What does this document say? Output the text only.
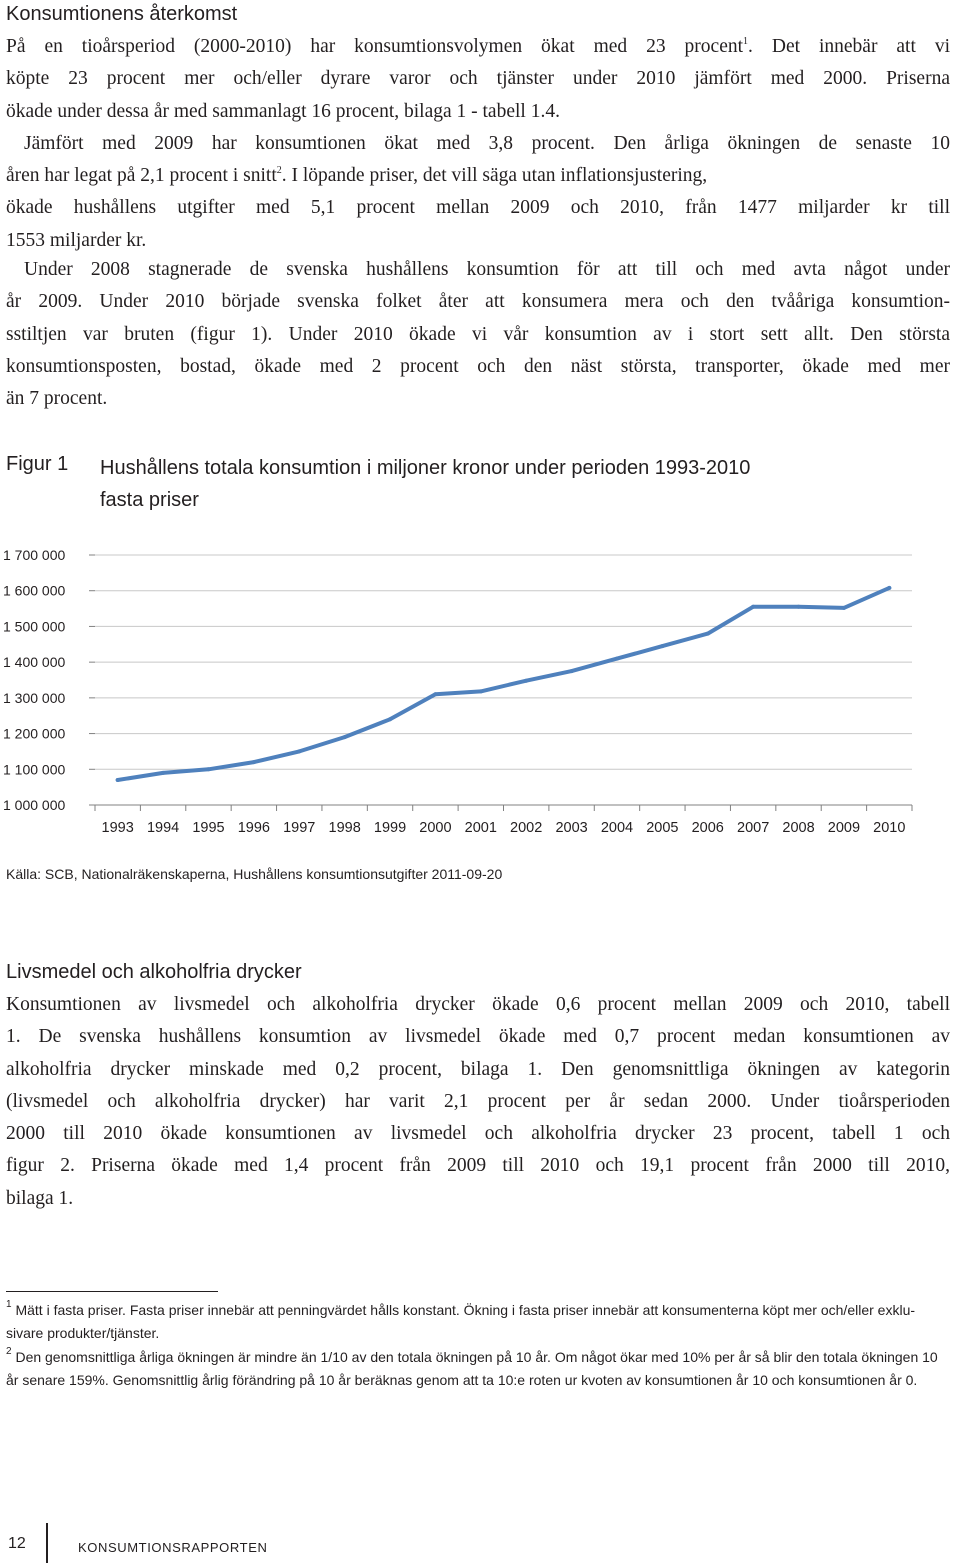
Konsumtionens återkomst
På en tioårsperiod (2000-2010) har konsumtionsvolymen ökat med 23 procent$^1$. Det innebär att vi
köpte 23 procent mer och/eller dyrare varor och tjänster under 2010 jämfört med 2000. Priserna
ökade under dessa år med sammanlagt 16 procent, bilaga 1 - tabell 1.4.
Jämfört med 2009 har konsumtionen ökat med 3,8 procent. Den årliga ökningen de senaste 10
åren har legat på 2,1 procent i snitt$^2$. I löpande priser, det vill säga utan inflationsjustering,
ökade hushållens utgifter med 5,1 procent mellan 2009 och 2010, från 1477 miljarder kr till
1553 miljarder kr.
Under 2008 stagnerade de svenska hushållens konsumtion för att till och med avta något under
år 2009. Under 2010 började svenska folket åter att konsumera mera och den tvååriga konsumtion-
sstiltjen var bruten (figur 1). Under 2010 ökade vi vår konsumtion av i stort sett allt. Den största
konsumtionsposten, bostad, ökade med 2 procent och den näst största, transporter, ökade med mer
än 7 procent.
Figur 1 Hushållens totala konsumtion i miljoner kronor under perioden 1993-2010
fasta priser
1 000 000
1 100 000
1 200 000
1 300 000
1 400 000
1 500 000
1 600 000
1 700 000
1993 1994 1995 1996 1997 1998 1999 2000 2001 2002 2003 2004 2005 2006 2007 2008 2009 2010
Källa: SCB, Nationalräkenskaperna, Hushållens konsumtionsutgifter 2011-09-20
Livsmedel och alkoholfria drycker
Konsumtionen av livsmedel och alkoholfria drycker ökade 0,6 procent mellan 2009 och 2010, tabell
1. De svenska hushållens konsumtion av livsmedel ökade med 0,7 procent medan konsumtionen av
alkoholfria drycker minskade med 0,2 procent, bilaga 1. Den genomsnittliga ökningen av kategorin
(livsmedel och alkoholfria drycker) har varit 2,1 procent per år sedan 2000. Under tioårsperioden
2000 till 2010 ökade konsumtionen av livsmedel och alkoholfria drycker 23 procent, tabell 1 och
figur 2. Priserna ökade med 1,4 procent från 2009 till 2010 och 19,1 procent från 2000 till 2010,
bilaga 1.
$^1$ Mätt i fasta priser. Fasta priser innebär att penningvärdet hålls konstant. Ökning i fasta priser innebär att konsumenterna köpt mer och/eller exklu-
sivare produkter/tjänster.
$^2$ Den genomsnittliga årliga ökningen är mindre än 1/10 av den totala ökningen på 10 år. Om något ökar med 10% per år så blir den totala ökningen 10
år senare 159%. Genomsnittlig årlig förändring på 10 år beräknas genom att ta 10:e roten ur kvoten av konsumtionen år 10 och konsumtionen år 0.
12	KONSUMTIONSRAPPORTEN
